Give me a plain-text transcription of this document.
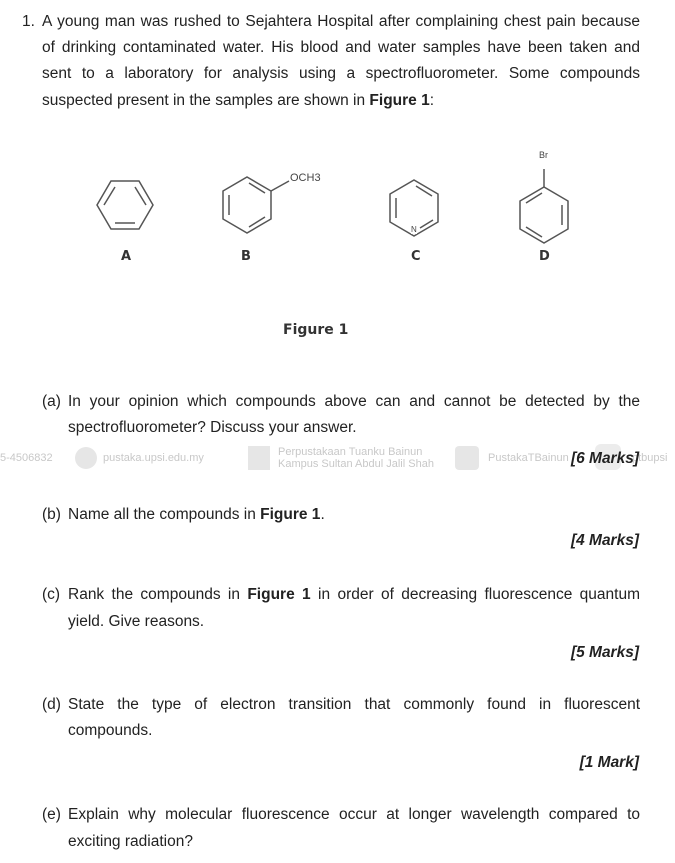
1. A young man was rushed to Sejahtera Hospital after complaining chest pain because
of drinking contaminated water. His blood and water samples have been taken and
sent to a laboratory for analysis using a spectrofluorometer. Some compounds
suspected present in the samples are shown in Figure 1:
OCH3
N
Br
A	B	C	D
Figure 1
5-4506832	pustaka.upsi.edu.my	Perpustakaan Tuanku Bainun
Kampus Sultan Abdul Jalil Shah	PustakaTBainun	ptbupsi
(a) In your opinion which compounds above can and cannot be detected by the
spectrofluorometer? Discuss your answer.
[6 Marks]
(b) Name all the compounds in Figure 1.
[4 Marks]
(c) Rank the compounds in Figure 1 in order of decreasing fluorescence quantum
yield. Give reasons.
[5 Marks]
(d) State the type of electron transition that commonly found in fluorescent
compounds.
[1 Mark]
(e) Explain why molecular fluorescence occur at longer wavelength compared to
exciting radiation?
